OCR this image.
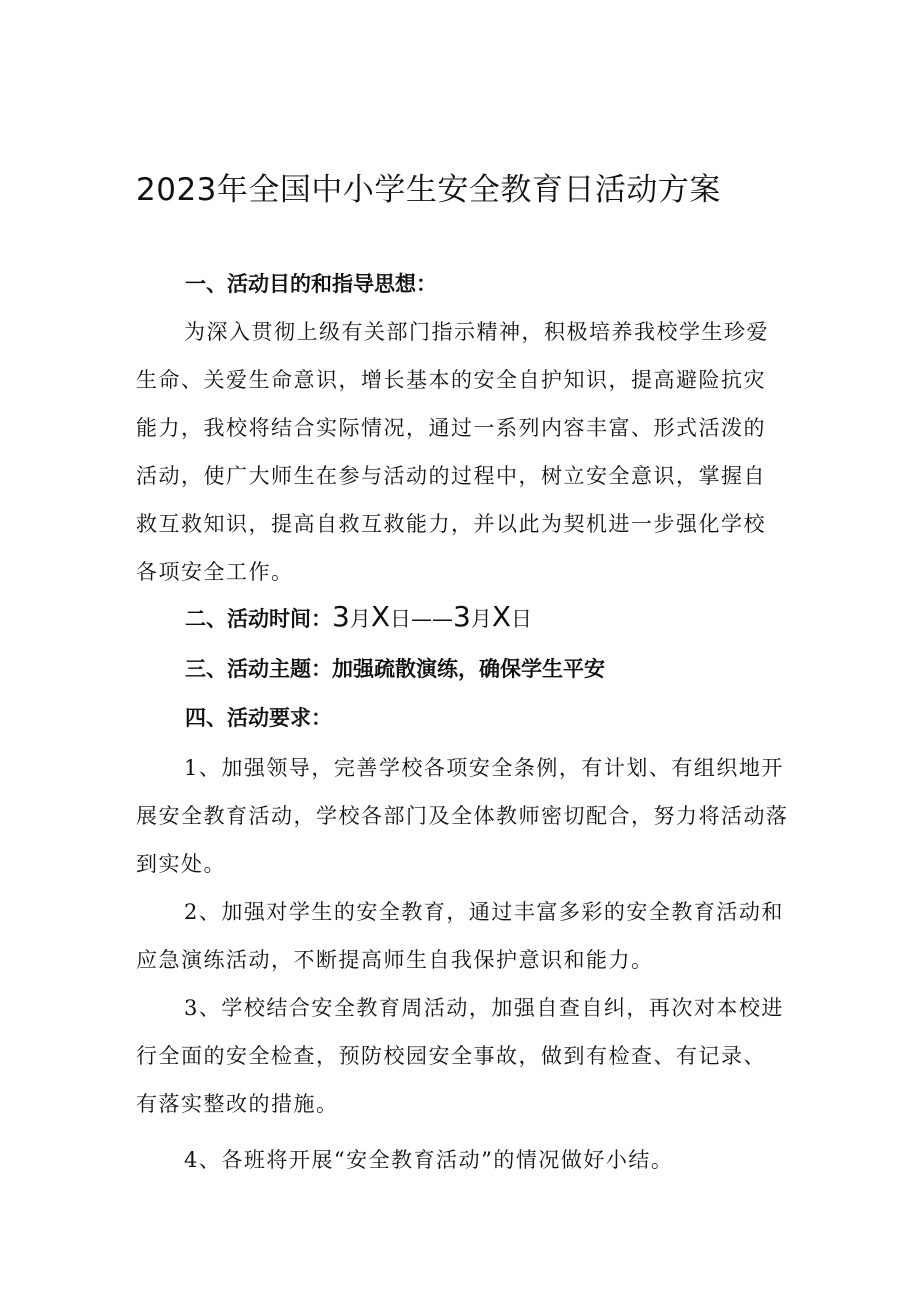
2023年全国中小学生安全教育日活动方案
一、活动目的和指导思想：
为深入贯彻上级有关部门指示精神，积极培养我校学生珍爱
生命、关爱生命意识，增长基本的安全自护知识，提高避险抗灾
能力，我校将结合实际情况，通过一系列内容丰富、形式活泼的
活动，使广大师生在参与活动的过程中，树立安全意识，掌握自
救互救知识，提高自救互救能力，并以此为契机进一步强化学校
各项安全工作。
二、活动时间：3月X日——3月X日
三、活动主题：加强疏散演练，确保学生平安
四、活动要求：
1、加强领导，完善学校各项安全条例，有计划、有组织地开
展安全教育活动，学校各部门及全体教师密切配合，努力将活动落
到实处。
2、加强对学生的安全教育，通过丰富多彩的安全教育活动和
应急演练活动，不断提高师生自我保护意识和能力。
3、学校结合安全教育周活动，加强自查自纠，再次对本校进
行全面的安全检查，预防校园安全事故，做到有检查、有记录、
有落实整改的措施。
4、各班将开展“安全教育活动”的情况做好小结。
